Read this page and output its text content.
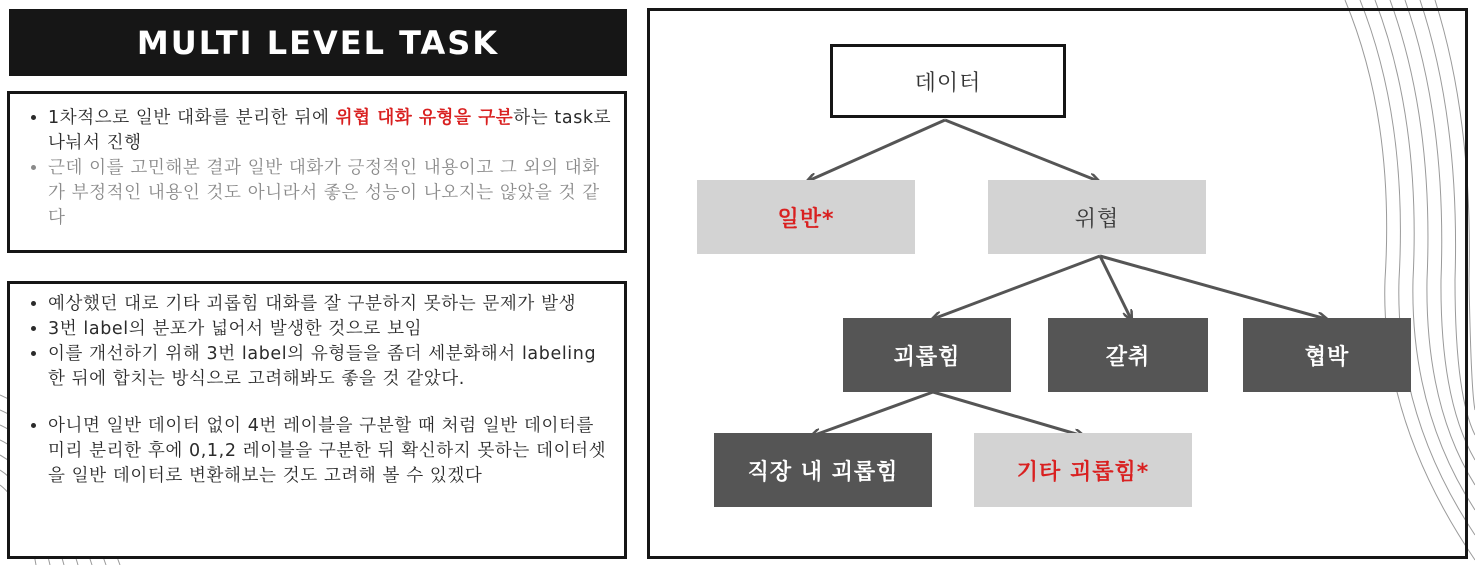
MULTI LEVEL TASK
• 1차적으로 일반 대화를 분리한 뒤에 위협 대화 유형을 구분하는 task로 나눠서 진행
• 근데 이를 고민해본 결과 일반 대화가 긍정적인 내용이고 그 외의 대화가 부정적인 내용인 것도 아니라서 좋은 성능이 나오지는 않았을 것 같다
• 예상했던 대로 기타 괴롭힘 대화를 잘 구분하지 못하는 문제가 발생
• 3번 label의 분포가 넓어서 발생한 것으로 보임
• 이를 개선하기 위해 3번 label의 유형들을 좀더 세분화해서 labeling 한 뒤에 합치는 방식으로 고려해봐도 좋을 것 같았다.
• 아니면 일반 데이터 없이 4번 레이블을 구분할 때 처럼 일반 데이터를 미리 분리한 후에 0,1,2 레이블을 구분한 뒤 확신하지 못하는 데이터셋을 일반 데이터로 변환해보는 것도 고려해 볼 수 있겠다
데이터
일반*	위협
괴롭힘	갈취	협박
직장 내 괴롭힘	기타 괴롭힘*
